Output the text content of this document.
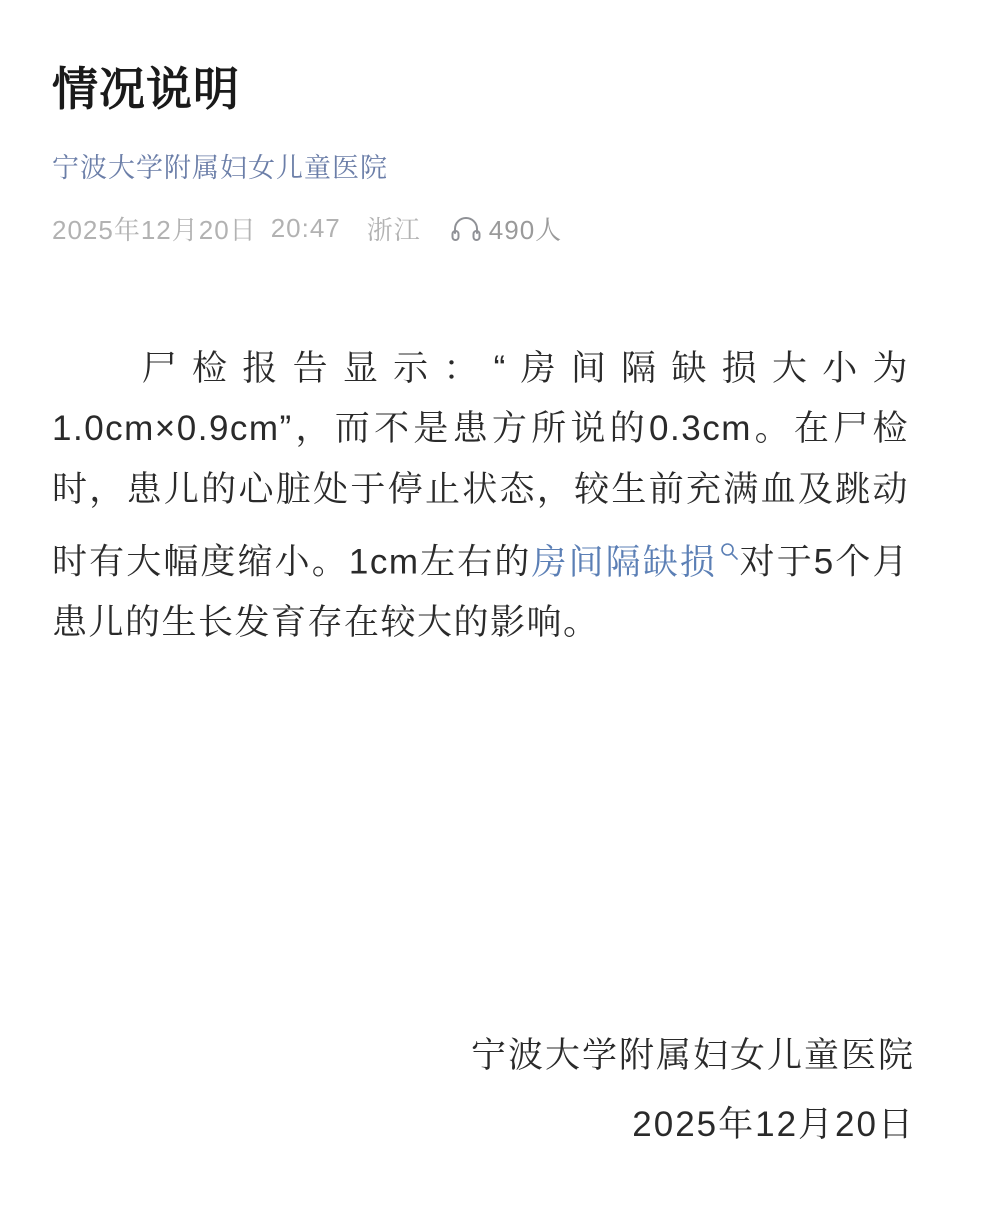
情况说明
宁波大学附属妇女儿童医院
2025年12月20日 20:47 浙江	490人
尸检报告显示：“房间隔缺损大小为1.0cm×0.9cm”，而不是患方所说的0.3cm。在尸检时，患儿的心脏处于停止状态，较生前充满血及跳动时有大幅度缩小。1cm左右的房间隔缺损 对于5个月患儿的生长发育存在较大的影响。
宁波大学附属妇女儿童医院
2025年12月20日
